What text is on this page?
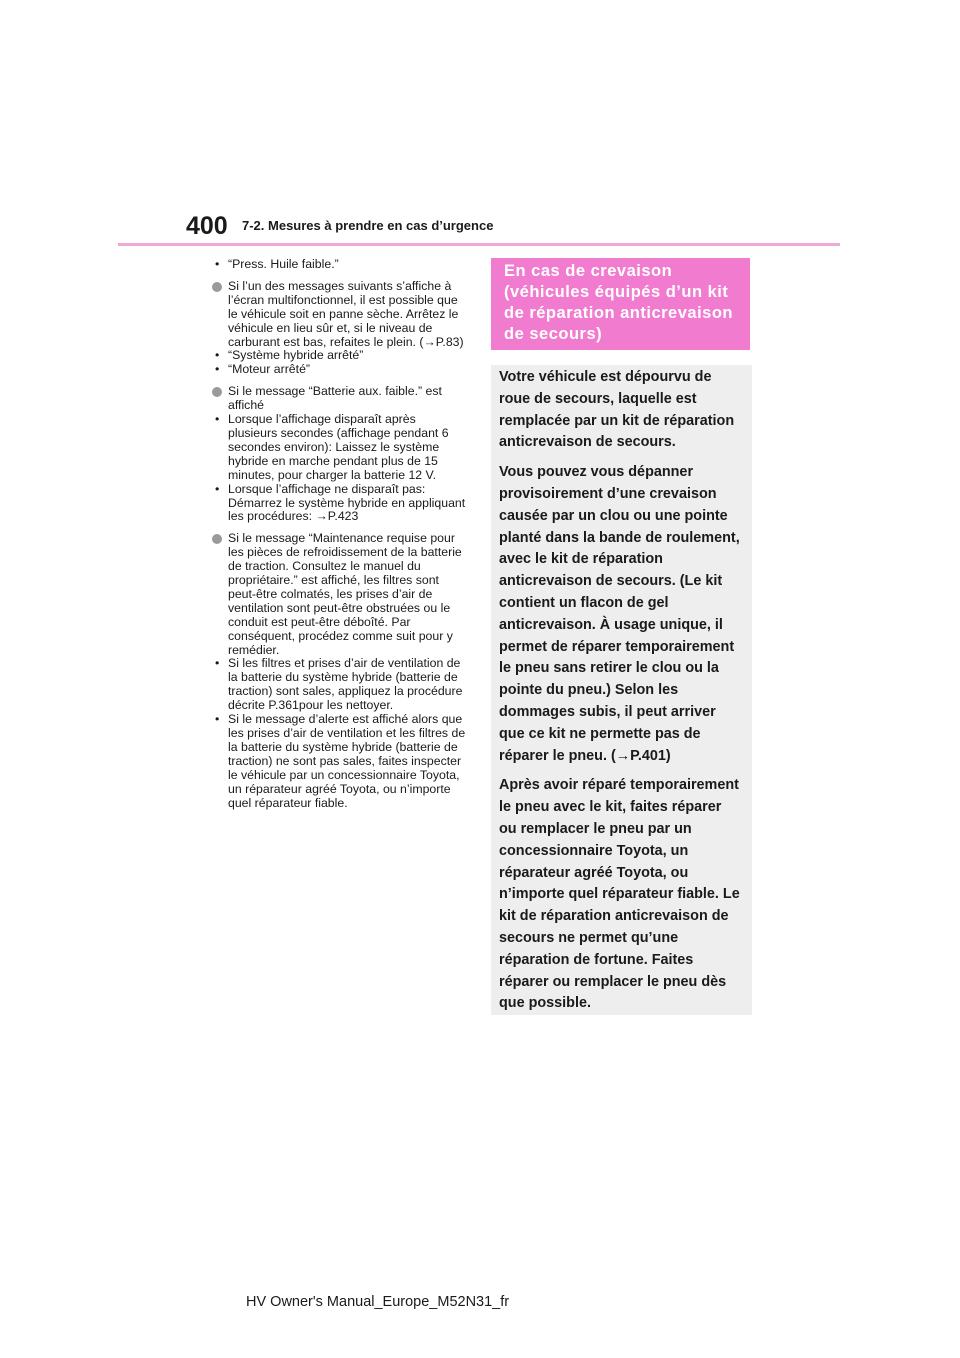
400 7-2. Mesures à prendre en cas d’urgence
• “Press. Huile faible.”
Si l’un des messages suivants s’affiche à l’écran multifonctionnel, il est possible que le véhicule soit en panne sèche. Arrêtez le véhicule en lieu sûr et, si le niveau de carburant est bas, refaites le plein. (→P.83)
• “Système hybride arrêté”
• “Moteur arrêté”
Si le message “Batterie aux. faible.” est affiché
• Lorsque l’affichage disparaît après plusieurs secondes (affichage pendant 6 secondes environ): Laissez le système hybride en marche pendant plus de 15 minutes, pour charger la batterie 12 V.
• Lorsque l’affichage ne disparaît pas: Démarrez le système hybride en appliquant les procédures: →P.423
Si le message “Maintenance requise pour les pièces de refroidissement de la batterie de traction. Consultez le manuel du propriétaire.” est affiché, les filtres sont peut-être colmatés, les prises d’air de ventilation sont peut-être obstruées ou le conduit est peut-être déboîté. Par conséquent, procédez comme suit pour y remédier.
• Si les filtres et prises d’air de ventilation de la batterie du système hybride (batterie de traction) sont sales, appliquez la procédure décrite P.361pour les nettoyer.
• Si le message d’alerte est affiché alors que les prises d’air de ventilation et les filtres de la batterie du système hybride (batterie de traction) ne sont pas sales, faites inspecter le véhicule par un concessionnaire Toyota, un réparateur agréé Toyota, ou n’importe quel réparateur fiable.
En cas de crevaison (véhicules équipés d’un kit de réparation anticrevaison de secours)

Votre véhicule est dépourvu de roue de secours, laquelle est remplacée par un kit de réparation anticrevaison de secours.

Vous pouvez vous dépanner provisoirement d’une crevaison causée par un clou ou une pointe planté dans la bande de roulement, avec le kit de réparation anticrevaison de secours. (Le kit contient un flacon de gel anticrevaison. À usage unique, il permet de réparer temporairement le pneu sans retirer le clou ou la pointe du pneu.) Selon les dommages subis, il peut arriver que ce kit ne permette pas de réparer le pneu. (→P.401)

Après avoir réparé temporairement le pneu avec le kit, faites réparer ou remplacer le pneu par un concessionnaire Toyota, un réparateur agréé Toyota, ou n’importe quel réparateur fiable. Le kit de réparation anticrevaison de secours ne permet qu’une réparation de fortune. Faites réparer ou remplacer le pneu dès que possible.

HV Owner's Manual_Europe_M52N31_fr
